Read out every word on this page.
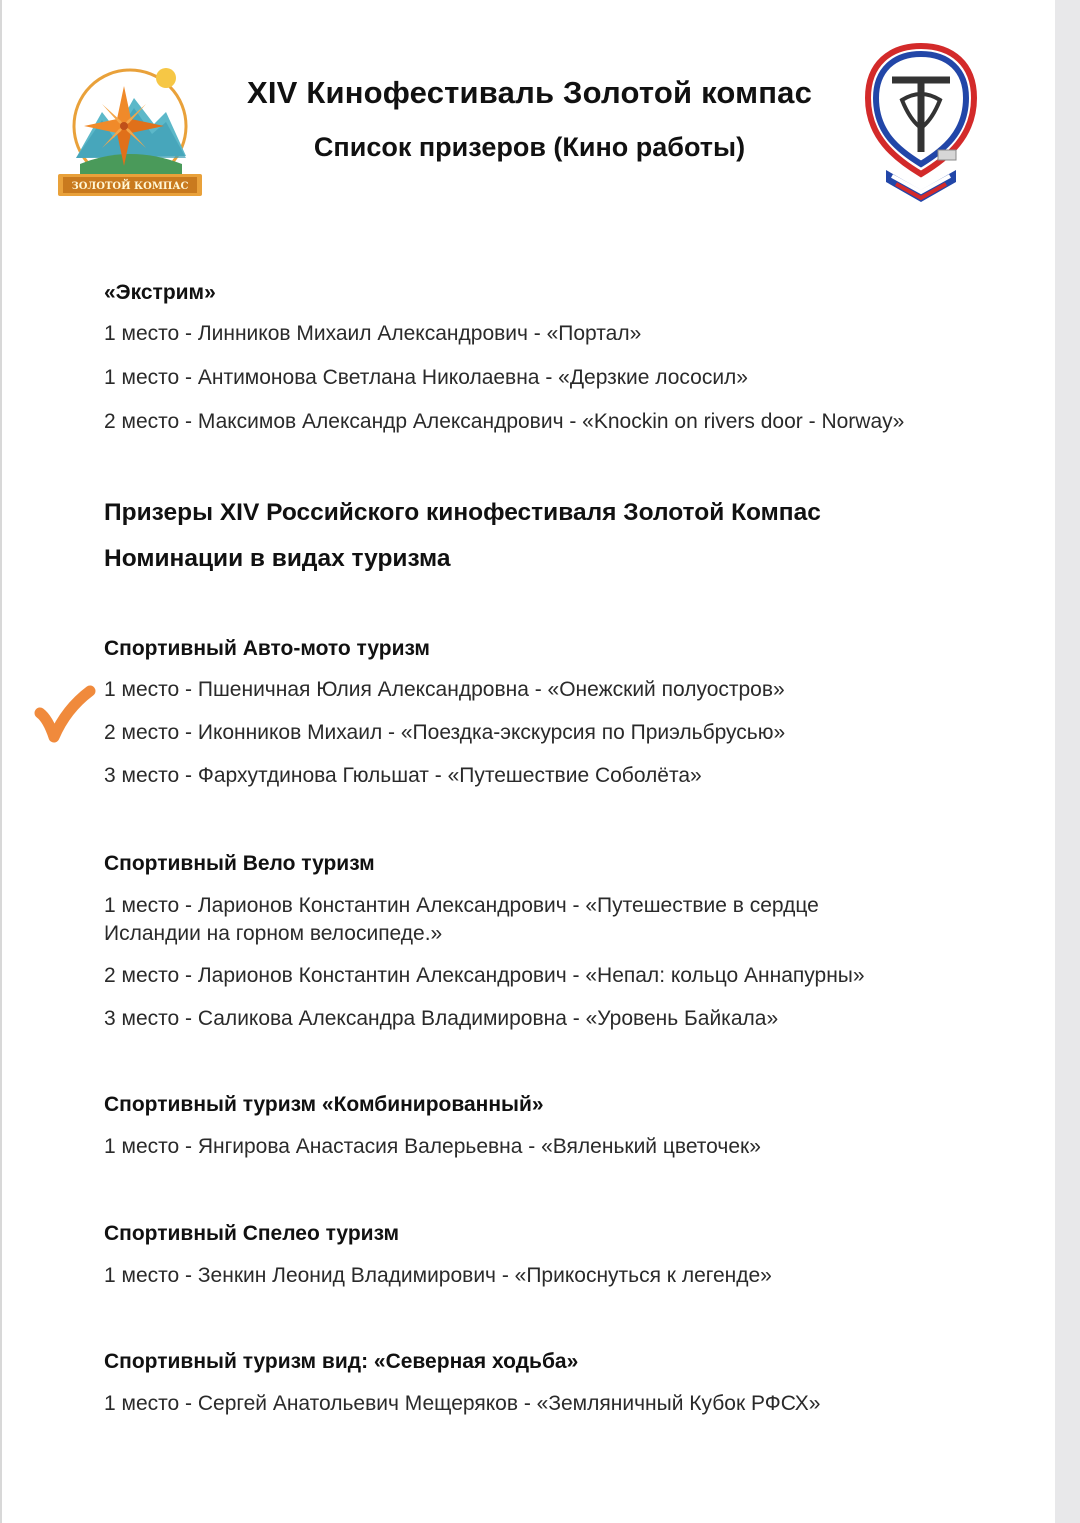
ЗОЛОТОЙ КОМПАС
XIV Кинофестиваль Золотой компас
Список призеров (Кино работы)
«Экстрим»
1 место - Линников Михаил Александрович - «Портал»
1 место - Антимонова Светлана Николаевна - «Дерзкие лососил»
2 место - Максимов Александр Александрович - «Knockin on rivers door - Norway»
Призеры XIV Российского кинофестиваля Золотой Компас
Номинации в видах туризма
Спортивный Авто-мото туризм
1 место - Пшеничная Юлия Александровна - «Онежский полуостров»
2 место - Иконников Михаил - «Поездка-экскурсия по Приэльбрусью»
3 место - Фархутдинова Гюльшат - «Путешествие Соболёта»
Спортивный Вело туризм
1 место - Ларионов Константин Александрович - «Путешествие в сердце Исландии на горном велосипеде.»
2 место - Ларионов Константин Александрович - «Непал: кольцо Аннапурны»
3 место - Саликова Александра Владимировна - «Уровень Байкала»
Спортивный туризм «Комбинированный»
1 место - Янгирова Анастасия Валерьевна - «Вяленький цветочек»
Спортивный Спелео туризм
1 место - Зенкин Леонид Владимирович - «Прикоснуться к легенде»
Спортивный туризм вид: «Северная ходьба»
1 место - Сергей Анатольевич Мещеряков - «Земляничный Кубок РФСХ»
